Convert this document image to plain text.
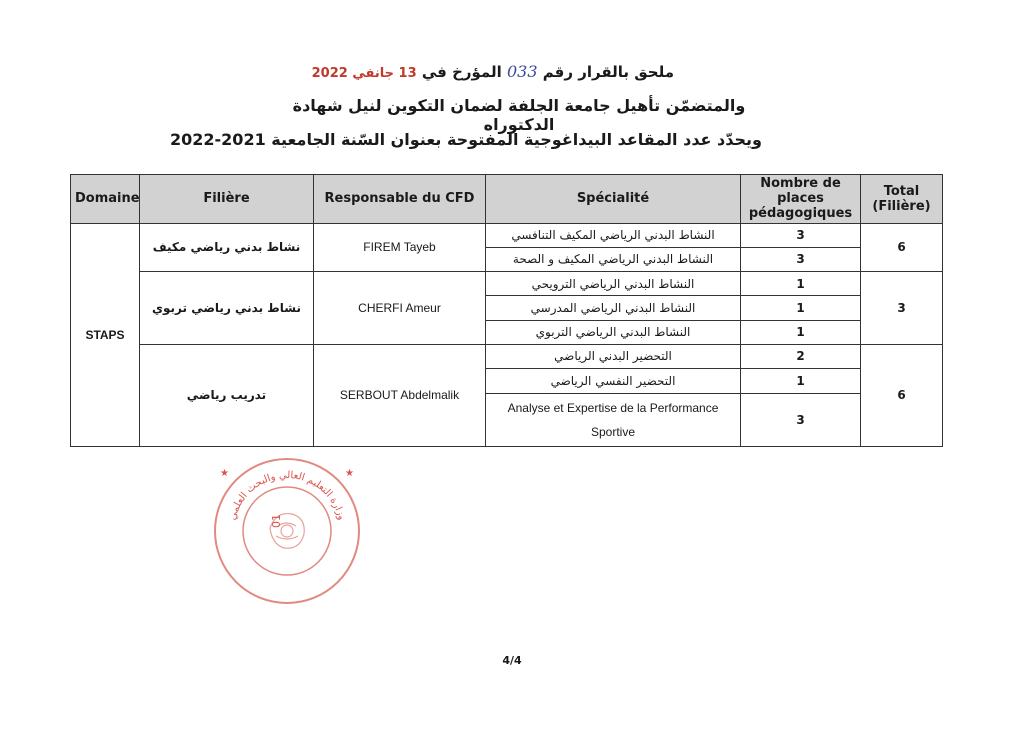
ملحق بالقرار رقم 033 المؤرخ في 13 جانفي 2022
والمتضمّن تأهيل جامعة الجلفة لضمان التكوين لنيل شهادة الدكتوراه
ويحدّد عدد المقاعد البيداغوجية المفتوحة بعنوان السّنة الجامعية 2021-2022
Domaine	Filière	Responsable du CFD	Spécialité	Nombre de places pédagogiques	Total (Filière)
STAPS	نشاط بدني رياضي مكيف	FIREM Tayeb	النشاط البدني الرياضي المكيف التنافسي	3	6
			النشاط البدني الرياضي المكيف و الصحة	3	
	نشاط بدني رياضي تربوي	CHERFI Ameur	النشاط البدني الرياضي الترويحي	1	3
			النشاط البدني الرياضي المدرسي	1	
			النشاط البدني الرياضي التربوي	1	
	تدريب رياضي	SERBOUT Abdelmalik	التحضير البدني الرياضي	2	6
			التحضير النفسي الرياضي	1	
			Analyse et Expertise de la Performance Sportive	3	
وزارة التعليم العالي والبحث العلمي
01
★	★
4/4
